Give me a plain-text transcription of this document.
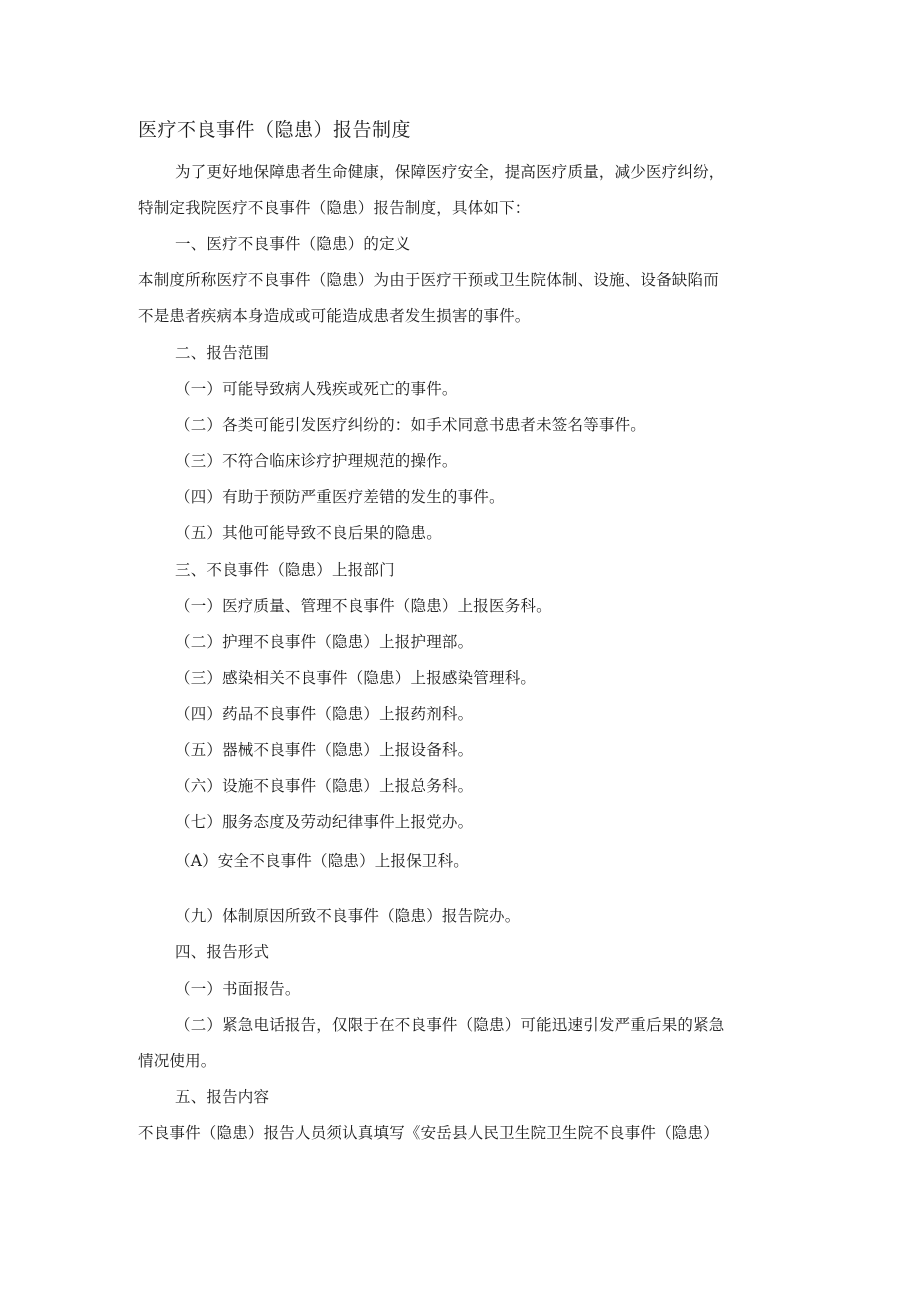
医疗不良事件（隐患）报告制度
为了更好地保障患者生命健康，保障医疗安全，提高医疗质量，减少医疗纠纷，
特制定我院医疗不良事件（隐患）报告制度，具体如下：
一、医疗不良事件（隐患）的定义
本制度所称医疗不良事件（隐患）为由于医疗干预或卫生院体制、设施、设备缺陷而
不是患者疾病本身造成或可能造成患者发生损害的事件。
二、报告范围
（一）可能导致病人残疾或死亡的事件。
（二）各类可能引发医疗纠纷的：如手术同意书患者未签名等事件。
（三）不符合临床诊疗护理规范的操作。
（四）有助于预防严重医疗差错的发生的事件。
（五）其他可能导致不良后果的隐患。
三、不良事件（隐患）上报部门
（一）医疗质量、管理不良事件（隐患）上报医务科。
（二）护理不良事件（隐患）上报护理部。
（三）感染相关不良事件（隐患）上报感染管理科。
（四）药品不良事件（隐患）上报药剂科。
（五）器械不良事件（隐患）上报设备科。
（六）设施不良事件（隐患）上报总务科。
（七）服务态度及劳动纪律事件上报党办。
（A）安全不良事件（隐患）上报保卫科。
（九）体制原因所致不良事件（隐患）报告院办。
四、报告形式
（一）书面报告。
（二）紧急电话报告，仅限于在不良事件（隐患）可能迅速引发严重后果的紧急
情况使用。
五、报告内容
不良事件（隐患）报告人员须认真填写《安岳县人民卫生院卫生院不良事件（隐患）
